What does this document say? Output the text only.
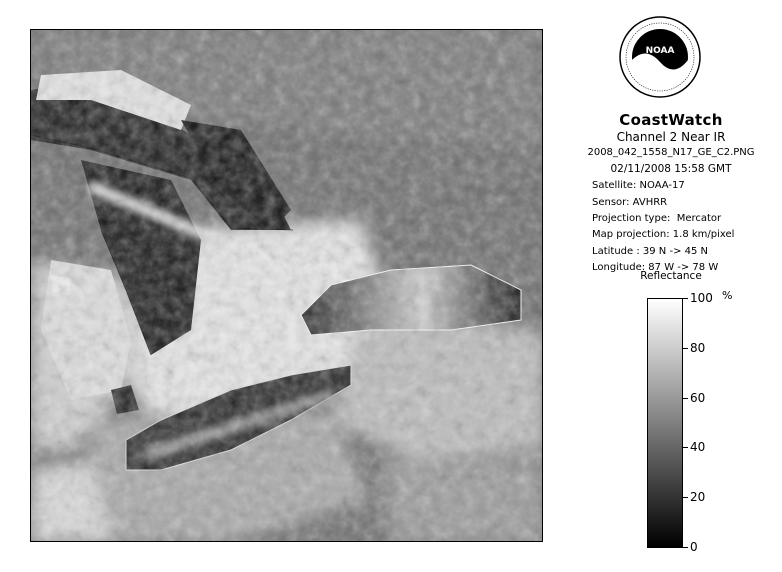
NOAA
CoastWatch
Channel 2 Near IR
2008_042_1558_N17_GE_C2.PNG
02/11/2008 15:58 GMT
Satellite: NOAA-17
Sensor: AVHRR
Projection type: Mercator
Map projection: 1.8 km/pixel
Latitude : 39 N -> 45 N
Longitude: 87 W -> 78 W
Reflectance
%
100
80
60
40
20
0
